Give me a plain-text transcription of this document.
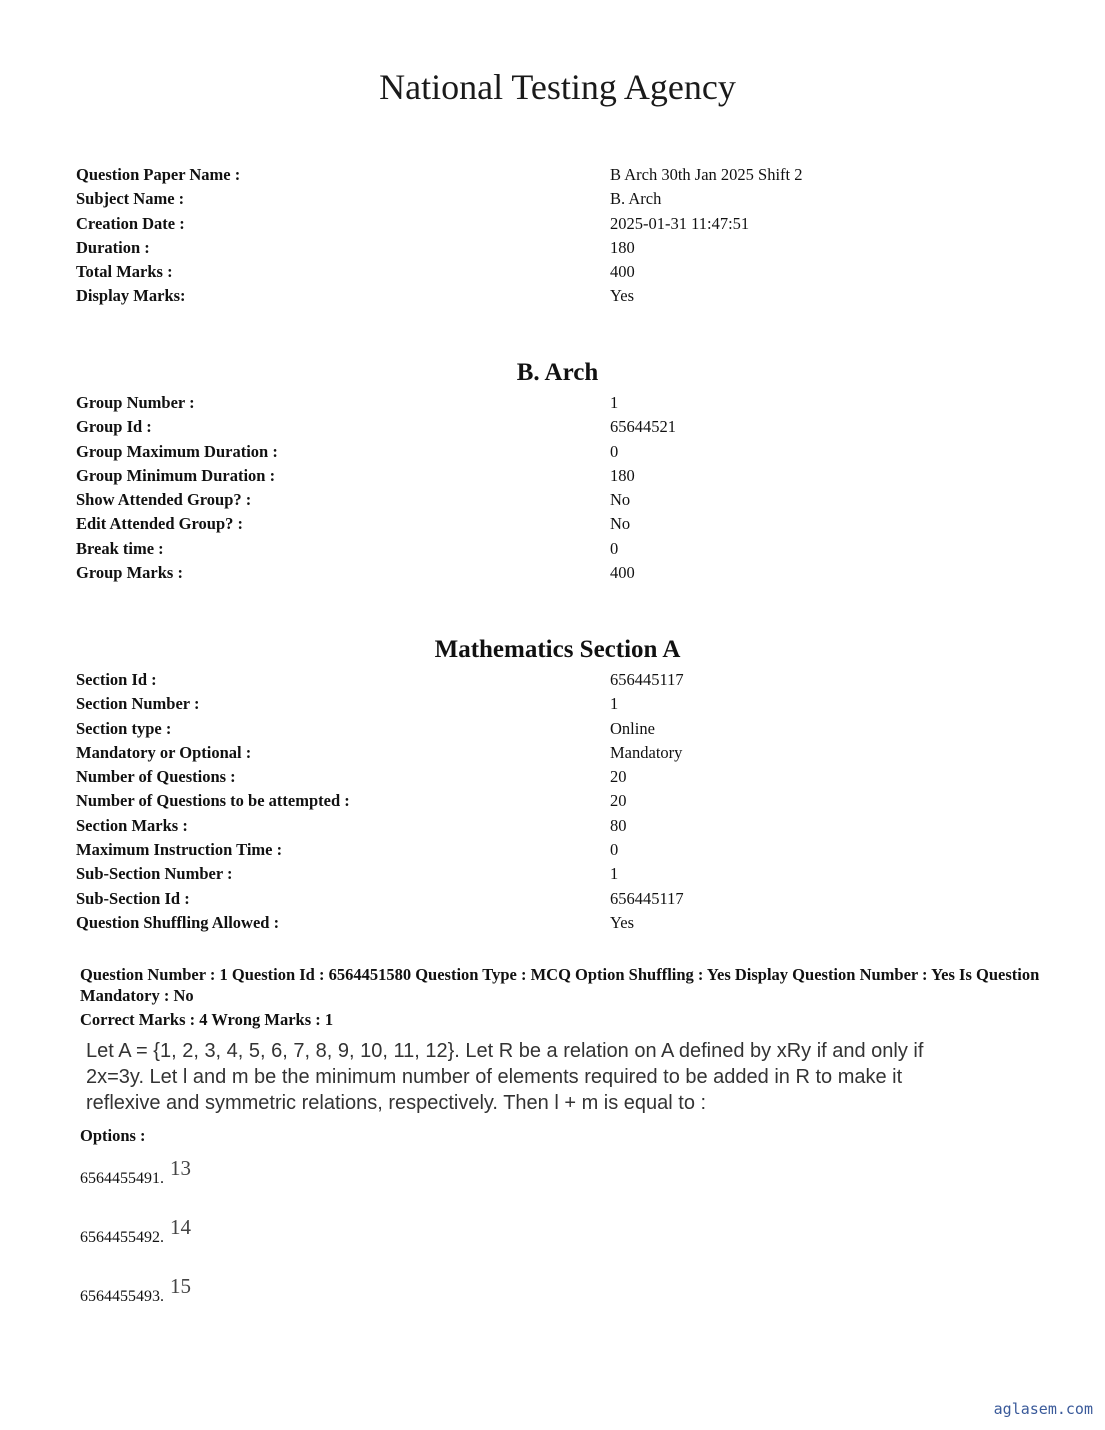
National Testing Agency
Question Paper Name :	B Arch 30th Jan 2025 Shift 2
Subject Name :	B. Arch
Creation Date :	2025-01-31 11:47:51
Duration :	180
Total Marks :	400
Display Marks:	Yes
B. Arch
Group Number :	1
Group Id :	65644521
Group Maximum Duration :	0
Group Minimum Duration :	180
Show Attended Group? :	No
Edit Attended Group? :	No
Break time :	0
Group Marks :	400
Mathematics Section A
Section Id :	656445117
Section Number :	1
Section type :	Online
Mandatory or Optional :	Mandatory
Number of Questions :	20
Number of Questions to be attempted :	20
Section Marks :	80
Maximum Instruction Time :	0
Sub-Section Number :	1
Sub-Section Id :	656445117
Question Shuffling Allowed :	Yes
Question Number : 1 Question Id : 6564451580 Question Type : MCQ Option Shuffling : Yes Display Question Number : Yes Is Question Mandatory : No
Correct Marks : 4 Wrong Marks : 1
Let A = {1, 2, 3, 4, 5, 6, 7, 8, 9, 10, 11, 12}. Let R be a relation on A defined by xRy if and only if
2x=3y. Let l and m be the minimum number of elements required to be added in R to make it
reflexive and symmetric relations, respectively. Then l + m is equal to :
Options :
6564455491. 13
6564455492. 14
6564455493. 15
aglasem.com
